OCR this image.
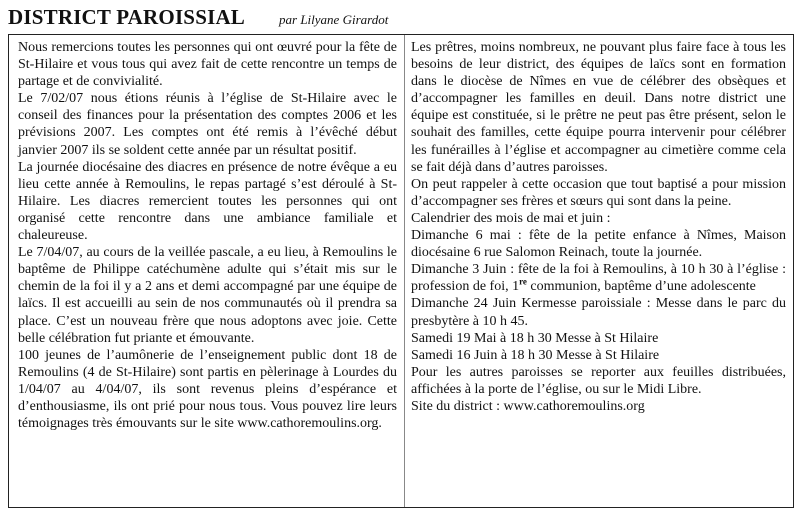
DISTRICT PAROISSIAL	par Lilyane Girardot

Nous remercions toutes les personnes qui ont œuvré pour la fête de St-Hilaire et vous tous qui avez fait de cette rencontre un temps de partage et de convivialité.

Le 7/02/07 nous étions réunis à l’église de St-Hilaire avec le conseil des finances pour la présentation des comptes 2006 et les prévisions 2007. Les comptes ont été remis à l’évêché début janvier 2007 ils se soldent cette année par un résultat positif.

La journée diocésaine des diacres en présence de notre évêque a eu lieu cette année à Remoulins, le repas partagé s’est déroulé à St-Hilaire. Les diacres remercient toutes les personnes qui ont organisé cette rencontre dans une ambiance familiale et chaleureuse.

Le 7/04/07, au cours de la veillée pascale, a eu lieu, à Remoulins le baptême de Philippe catéchumène adulte qui s’était mis sur le chemin de la foi il y a 2 ans et demi accompagné par une équipe de laïcs. Il est accueilli au sein de nos communautés où il prendra sa place. C’est un nouveau frère que nous adoptons avec joie. Cette belle célébration fut priante et émouvante.

100 jeunes de l’aumônerie de l’enseignement public dont 18 de Remoulins (4 de St-Hilaire) sont partis en pèlerinage à Lourdes du 1/04/07 au 4/04/07, ils sont revenus pleins d’espérance et d’enthousiasme, ils ont prié pour nous tous. Vous pouvez lire leurs témoignages très émouvants sur le site www.cathoremoulins.org.

Les prêtres, moins nombreux, ne pouvant plus faire face à tous les besoins de leur district, des équipes de laïcs sont en formation dans le diocèse de Nîmes en vue de célébrer des obsèques et d’accompagner les familles en deuil. Dans notre district une équipe est constituée, si le prêtre ne peut pas être présent, selon le souhait des familles, cette équipe pourra intervenir pour célébrer les funérailles à l’église et accompagner au cimetière comme cela se fait déjà dans d’autres paroisses.

On peut rappeler à cette occasion que tout baptisé a pour mission d’accompagner ses frères et sœurs qui sont dans la peine.

Calendrier des mois de mai et juin :

Dimanche 6 mai : fête de la petite enfance à Nîmes, Maison diocésaine 6 rue Salomon Reinach, toute la journée.

Dimanche 3 Juin : fête de la foi à Remoulins, à 10 h 30 à l’église : profession de foi, 1re communion, baptême d’une adolescente

Dimanche 24 Juin Kermesse paroissiale : Messe dans le parc du presbytère à 10 h 45.

Samedi 19 Mai à 18 h 30 Messe à St Hilaire

Samedi 16 Juin à 18 h 30 Messe à St Hilaire

Pour les autres paroisses se reporter aux feuilles distribuées, affichées à la porte de l’église, ou sur le Midi Libre.

Site du district : www.cathoremoulins.org
